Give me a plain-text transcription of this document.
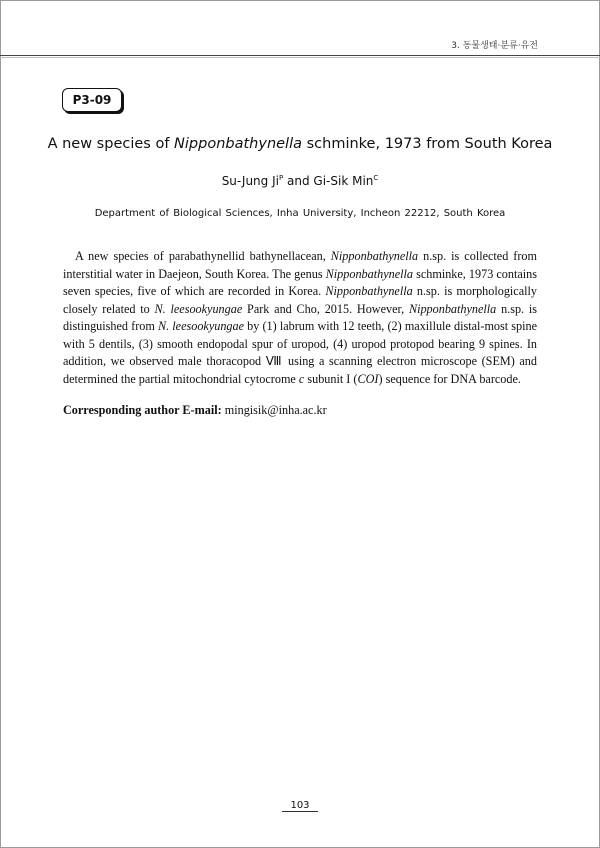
3. 동물생태·분류·유전
P3-09
A new species of Nipponbathynella schminke, 1973 from South Korea
Su-Jung $Ji^P$ and Gi-Sik Min$^C$
Department of Biological Sciences, Inha University, Incheon 22212, South Korea

A new species of parabathynellid bathynellacean, Nipponbathynella n.sp. is collected from interstitial water in Daejeon, South Korea. The genus Nipponbathynella schminke, 1973 contains seven species, five of which are recorded in Korea. Nipponbathynella n.sp. is morphologically closely related to N. leesookyungae Park and Cho, 2015. However, Nipponbathynella n.sp. is distinguished from N. leesookyungae by (1) labrum with 12 teeth, (2) maxillule distal-most spine with 5 dentils, (3) smooth endopodal spur of uropod, (4) uropod protopod bearing 9 spines. In addition, we observed male thoracopod Ⅷ using a scanning electron microscope (SEM) and determined the partial mitochondrial cytocrome c subunit I (COI) sequence for DNA barcode.

Corresponding author E-mail: mingisik@inha.ac.kr
103
